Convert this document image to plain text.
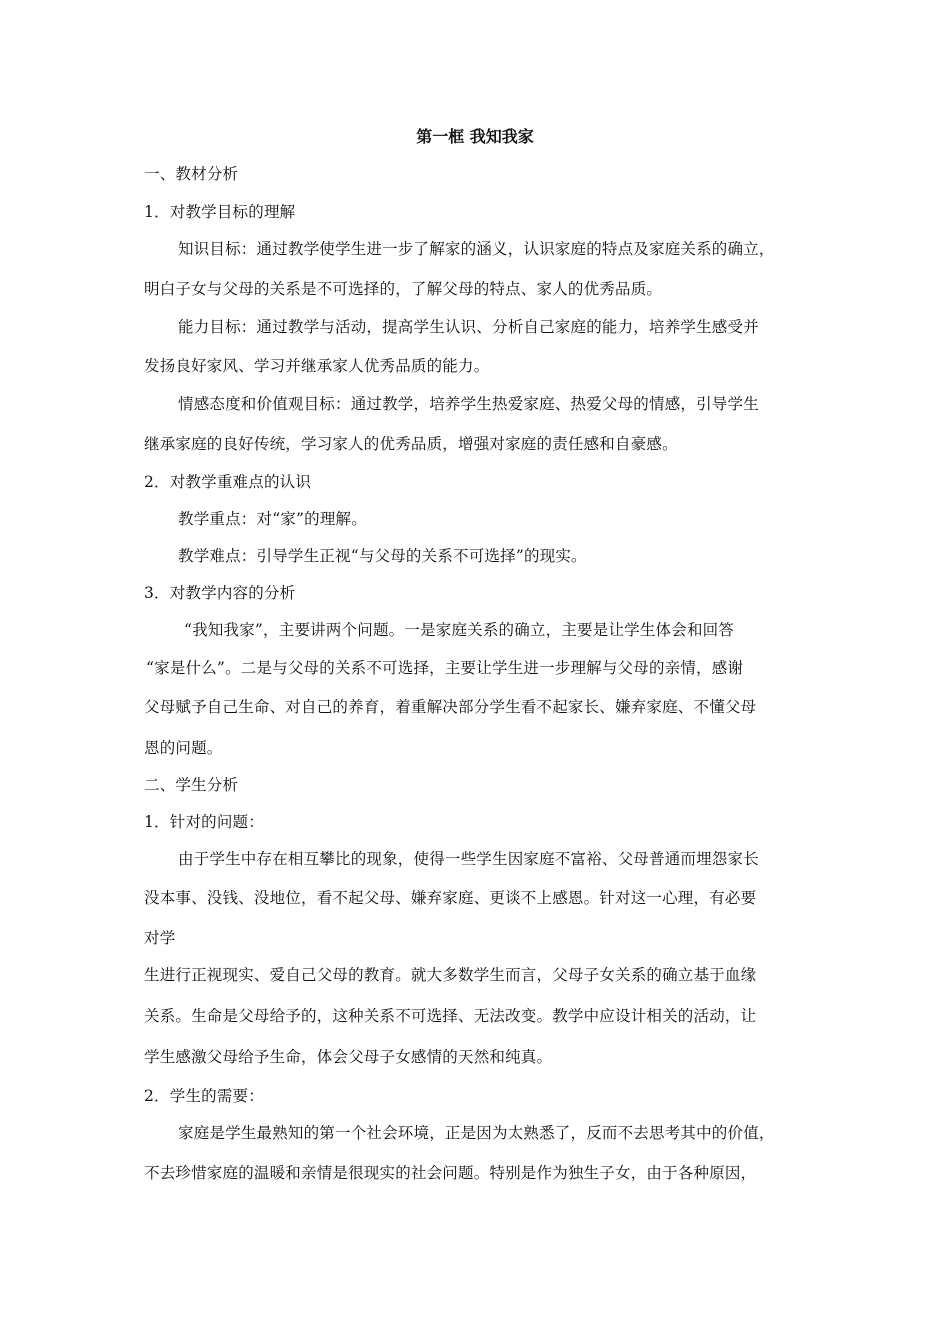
第一框 我知我家
一、教材分析
1．对教学目标的理解
知识目标：通过教学使学生进一步了解家的涵义，认识家庭的特点及家庭关系的确立，
明白子女与父母的关系是不可选择的，了解父母的特点、家人的优秀品质。
能力目标：通过教学与活动，提高学生认识、分析自己家庭的能力，培养学生感受并
发扬良好家风、学习并继承家人优秀品质的能力。
情感态度和价值观目标：通过教学，培养学生热爱家庭、热爱父母的情感，引导学生
继承家庭的良好传统，学习家人的优秀品质，增强对家庭的责任感和自豪感。
2．对教学重难点的认识
教学重点：对“家”的理解。
教学难点：引导学生正视“与父母的关系不可选择”的现实。
3．对教学内容的分析
“我知我家”，主要讲两个问题。一是家庭关系的确立，主要是让学生体会和回答
“家是什么”。二是与父母的关系不可选择，主要让学生进一步理解与父母的亲情，感谢
父母赋予自己生命、对自己的养育，着重解决部分学生看不起家长、嫌弃家庭、不懂父母
恩的问题。
二、学生分析
1．针对的问题：
由于学生中存在相互攀比的现象，使得一些学生因家庭不富裕、父母普通而埋怨家长
没本事、没钱、没地位，看不起父母、嫌弃家庭、更谈不上感恩。针对这一心理，有必要
对学
生进行正视现实、爱自己父母的教育。就大多数学生而言，父母子女关系的确立基于血缘
关系。生命是父母给予的，这种关系不可选择、无法改变。教学中应设计相关的活动，让
学生感激父母给予生命，体会父母子女感情的天然和纯真。
2．学生的需要：
家庭是学生最熟知的第一个社会环境，正是因为太熟悉了，反而不去思考其中的价值，
不去珍惜家庭的温暖和亲情是很现实的社会问题。特别是作为独生子女，由于各种原因，
